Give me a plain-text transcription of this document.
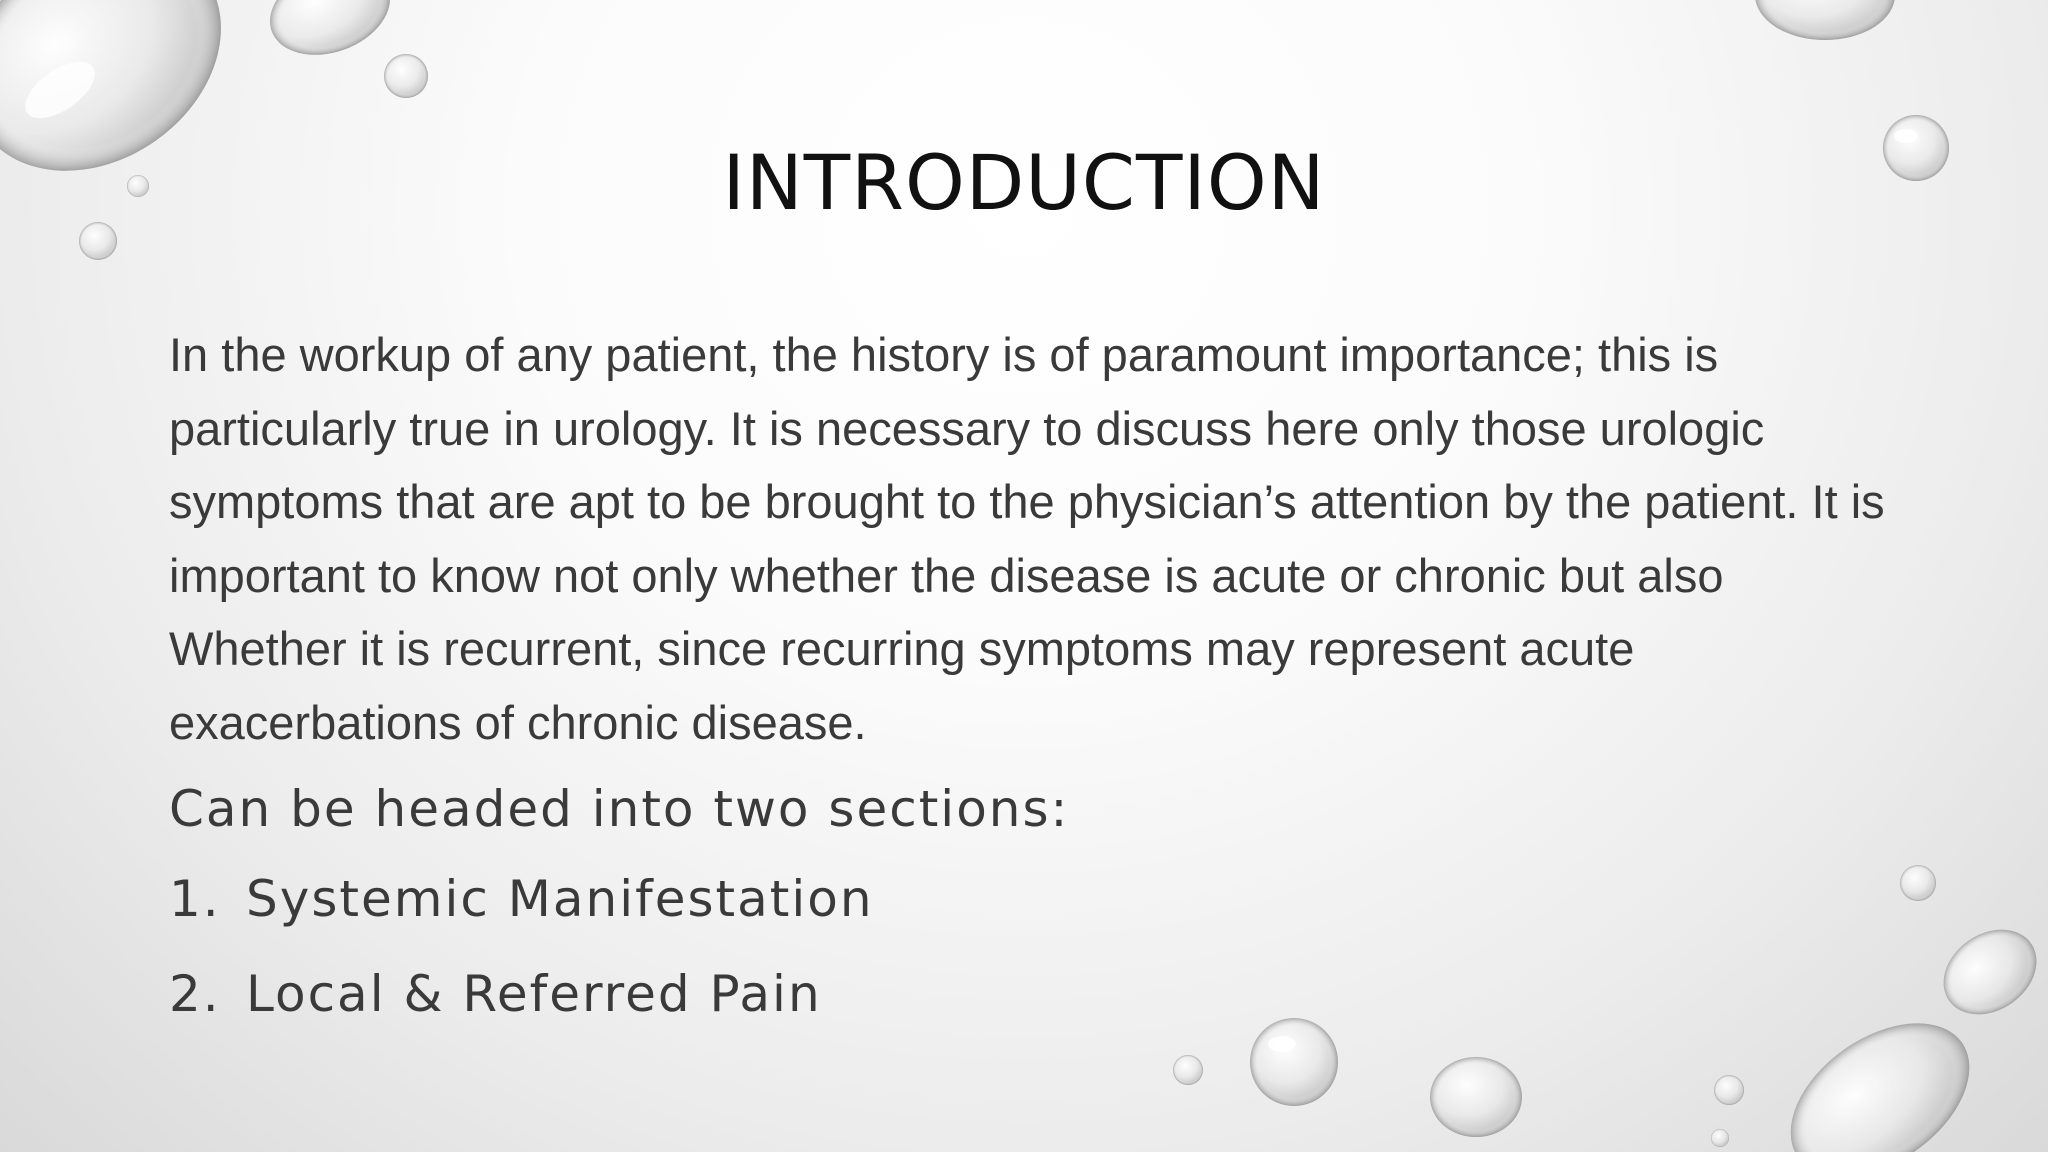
INTRODUCTION
In the workup of any patient, the history is of paramount importance; this is particularly true in urology. It is necessary to discuss here only those urologic symptoms that are apt to be brought to the physician’s attention by the patient. It is important to know not only whether the disease is acute or chronic but also Whether it is recurrent, since recurring symptoms may represent acute exacerbations of chronic disease.
Can be headed into two sections:
1. Systemic Manifestation
2. Local & Referred Pain
